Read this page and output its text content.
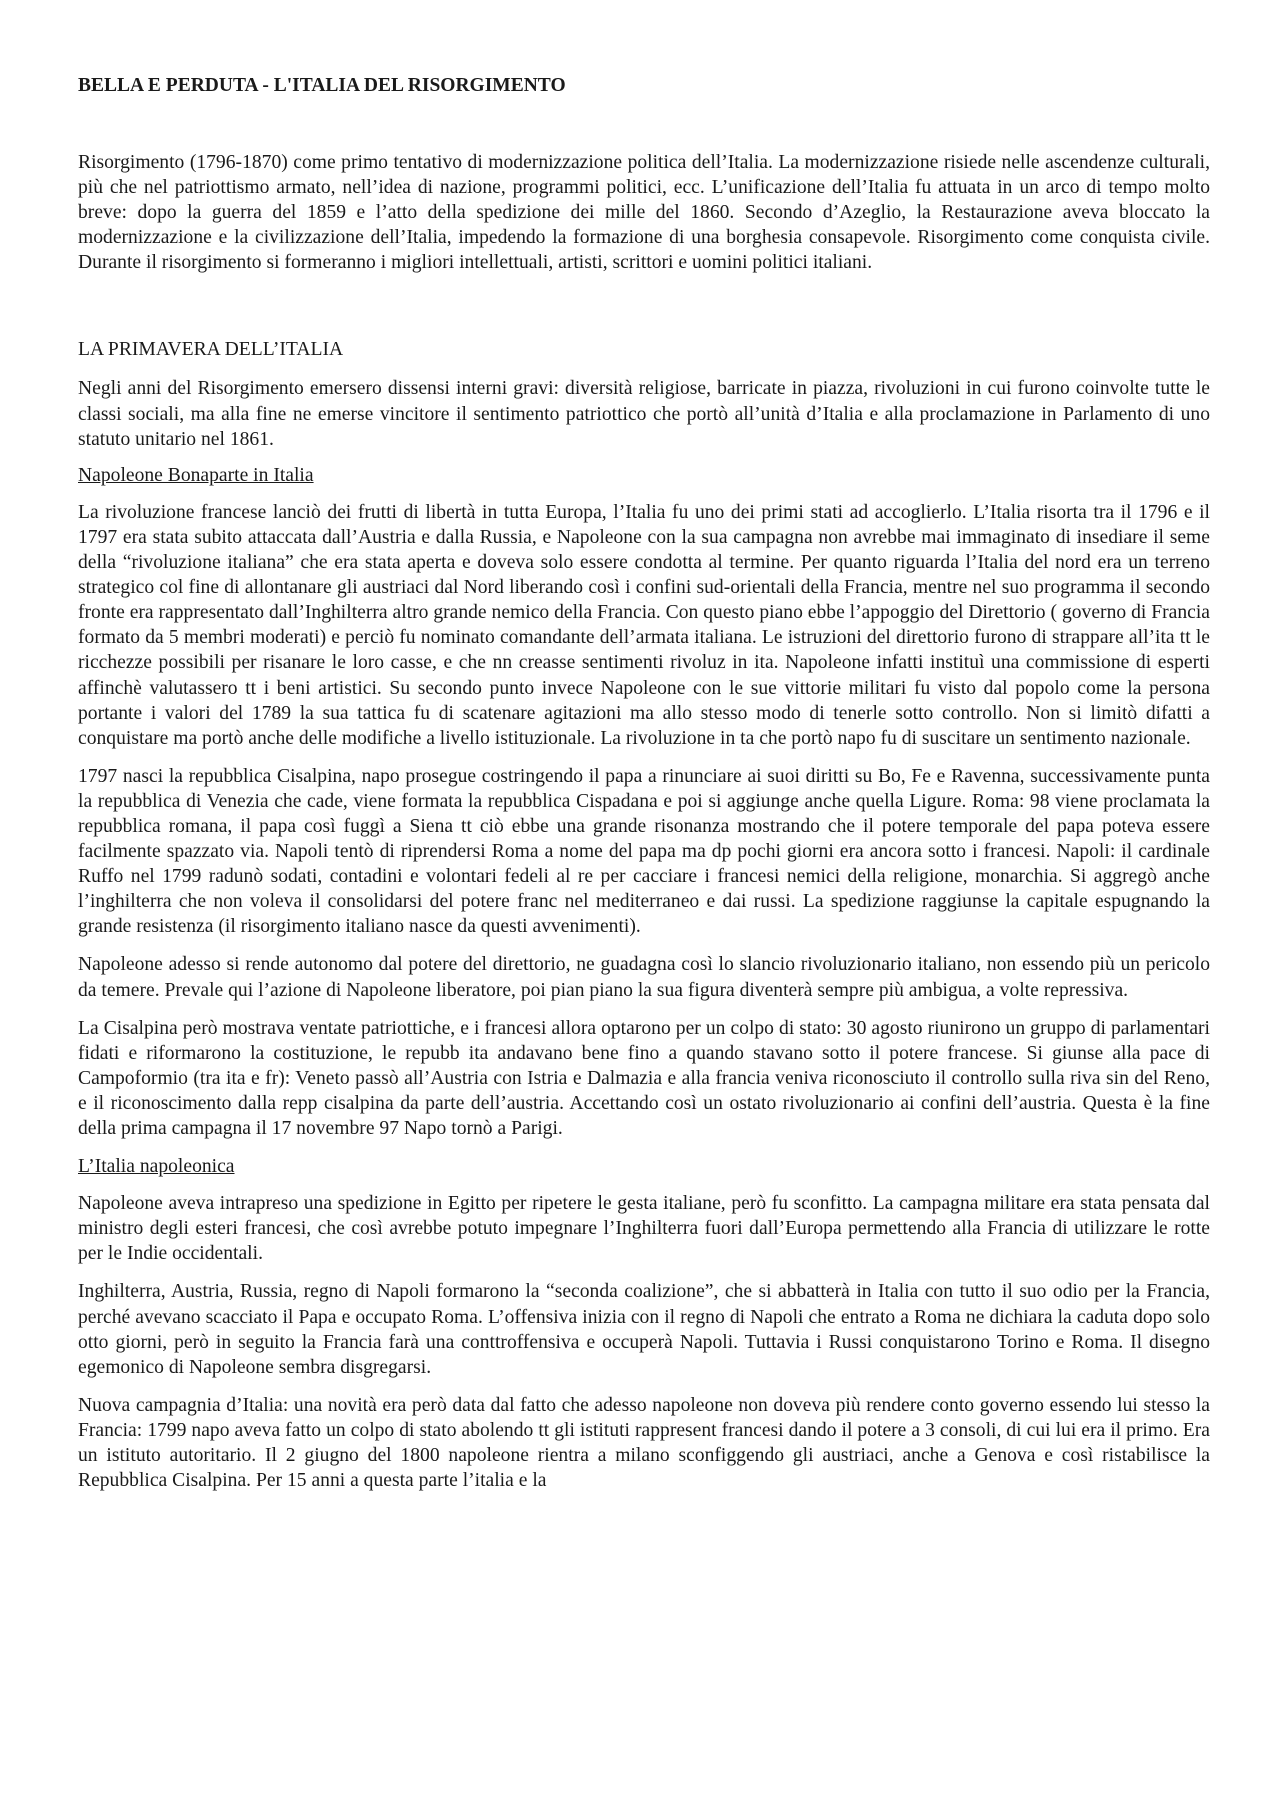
BELLA E PERDUTA - L'ITALIA DEL RISORGIMENTO

Risorgimento (1796-1870) come primo tentativo di modernizzazione politica dell’Italia. La modernizzazione risiede nelle ascendenze culturali, più che nel patriottismo armato, nell’idea di nazione, programmi politici, ecc. L’unificazione dell’Italia fu attuata in un arco di tempo molto breve: dopo la guerra del 1859 e l’atto della spedizione dei mille del 1860. Secondo d’Azeglio, la Restaurazione aveva bloccato la modernizzazione e la civilizzazione dell’Italia, impedendo la formazione di una borghesia consapevole. Risorgimento come conquista civile. Durante il risorgimento si formeranno i migliori intellettuali, artisti, scrittori e uomini politici italiani.

LA PRIMAVERA DELL’ITALIA

Negli anni del Risorgimento emersero dissensi interni gravi: diversità religiose, barricate in piazza, rivoluzioni in cui furono coinvolte tutte le classi sociali, ma alla fine ne emerse vincitore il sentimento patriottico che portò all’unità d’Italia e alla proclamazione in Parlamento di uno statuto unitario nel 1861.

Napoleone Bonaparte in Italia

La rivoluzione francese lanciò dei frutti di libertà in tutta Europa, l’Italia fu uno dei primi stati ad accoglierlo. L’Italia risorta tra il 1796 e il 1797 era stata subito attaccata dall’Austria e dalla Russia, e Napoleone con la sua campagna non avrebbe mai immaginato di insediare il seme della “rivoluzione italiana” che era stata aperta e doveva solo essere condotta al termine. Per quanto riguarda l’Italia del nord era un terreno strategico col fine di allontanare gli austriaci dal Nord liberando così i confini sud-orientali della Francia, mentre nel suo programma il secondo fronte era rappresentato dall’Inghilterra altro grande nemico della Francia. Con questo piano ebbe l’appoggio del Direttorio ( governo di Francia formato da 5 membri moderati) e perciò fu nominato comandante dell’armata italiana. Le istruzioni del direttorio furono di strappare all’ita tt le ricchezze possibili per risanare le loro casse, e che nn creasse sentimenti rivoluz in ita. Napoleone infatti instituì una commissione di esperti affinchè valutassero tt i beni artistici. Su secondo punto invece Napoleone con le sue vittorie militari fu visto dal popolo come la persona portante i valori del 1789 la sua tattica fu di scatenare agitazioni ma allo stesso modo di tenerle sotto controllo. Non si limitò difatti a conquistare ma portò anche delle modifiche a livello istituzionale. La rivoluzione in ta che portò napo fu di suscitare un sentimento nazionale.

1797 nasci la repubblica Cisalpina, napo prosegue costringendo il papa a rinunciare ai suoi diritti su Bo, Fe e Ravenna, successivamente punta la repubblica di Venezia che cade, viene formata la repubblica Cispadana e poi si aggiunge anche quella Ligure. Roma: 98 viene proclamata la repubblica romana, il papa così fuggì a Siena tt ciò ebbe una grande risonanza mostrando che il potere temporale del papa poteva essere facilmente spazzato via. Napoli tentò di riprendersi Roma a nome del papa ma dp pochi giorni era ancora sotto i francesi. Napoli: il cardinale Ruffo nel 1799 radunò sodati, contadini e volontari fedeli al re per cacciare i francesi nemici della religione, monarchia. Si aggregò anche l’inghilterra che non voleva il consolidarsi del potere franc nel mediterraneo e dai russi. La spedizione raggiunse la capitale espugnando la grande resistenza (il risorgimento italiano nasce da questi avvenimenti).

Napoleone adesso si rende autonomo dal potere del direttorio, ne guadagna così lo slancio rivoluzionario italiano, non essendo più un pericolo da temere. Prevale qui l’azione di Napoleone liberatore, poi pian piano la sua figura diventerà sempre più ambigua, a volte repressiva.

La Cisalpina però mostrava ventate patriottiche, e i francesi allora optarono per un colpo di stato: 30 agosto riunirono un gruppo di parlamentari fidati e riformarono la costituzione, le repubb ita andavano bene fino a quando stavano sotto il potere francese. Si giunse alla pace di Campoformio (tra ita e fr): Veneto passò all’Austria con Istria e Dalmazia e alla francia veniva riconosciuto il controllo sulla riva sin del Reno, e il riconoscimento dalla repp cisalpina da parte dell’austria. Accettando così un ostato rivoluzionario ai confini dell’austria. Questa è la fine della prima campagna il 17 novembre 97 Napo tornò a Parigi.

L’Italia napoleonica

Napoleone aveva intrapreso una spedizione in Egitto per ripetere le gesta italiane, però fu sconfitto. La campagna militare era stata pensata dal ministro degli esteri francesi, che così avrebbe potuto impegnare l’Inghilterra fuori dall’Europa permettendo alla Francia di utilizzare le rotte per le Indie occidentali.

Inghilterra, Austria, Russia, regno di Napoli formarono la “seconda coalizione”, che si abbatterà in Italia con tutto il suo odio per la Francia, perché avevano scacciato il Papa e occupato Roma. L’offensiva inizia con il regno di Napoli che entrato a Roma ne dichiara la caduta dopo solo otto giorni, però in seguito la Francia farà una conttroffensiva e occuperà Napoli. Tuttavia i Russi conquistarono Torino e Roma. Il disegno egemonico di Napoleone sembra disgregarsi.

Nuova campagnia d’Italia: una novità era però data dal fatto che adesso napoleone non doveva più rendere conto governo essendo lui stesso la Francia: 1799 napo aveva fatto un colpo di stato abolendo tt gli istituti rappresent francesi dando il potere a 3 consoli, di cui lui era il primo. Era un istituto autoritario. Il 2 giugno del 1800 napoleone rientra a milano sconfiggendo gli austriaci, anche a Genova e così ristabilisce la Repubblica Cisalpina. Per 15 anni a questa parte l’italia e la
